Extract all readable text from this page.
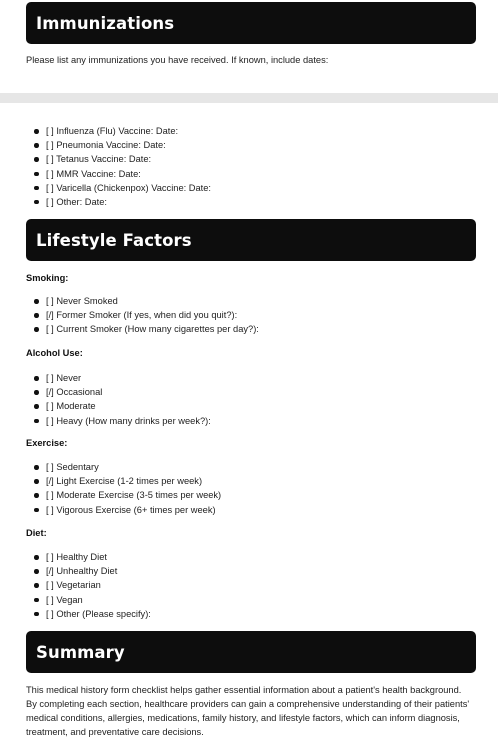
Immunizations

Please list any immunizations you have received. If known, include dates:

[ ] Influenza (Flu) Vaccine: Date:
[ ] Pneumonia Vaccine: Date:
[ ] Tetanus Vaccine: Date:
[ ] MMR Vaccine: Date:
[ ] Varicella (Chickenpox) Vaccine: Date:
[ ] Other: Date:
Lifestyle Factors
Smoking:
[ ] Never Smoked
[/] Former Smoker (If yes, when did you quit?):
[ ] Current Smoker (How many cigarettes per day?):
Alcohol Use:
[ ] Never
[/] Occasional
[ ] Moderate
[ ] Heavy (How many drinks per week?):
Exercise:
[ ] Sedentary
[/] Light Exercise (1-2 times per week)
[ ] Moderate Exercise (3-5 times per week)
[ ] Vigorous Exercise (6+ times per week)
Diet:
[ ] Healthy Diet
[/] Unhealthy Diet
[ ] Vegetarian
[ ] Vegan
[ ] Other (Please specify):
Summary

This medical history form checklist helps gather essential information about a patient's health background. By completing each section, healthcare providers can gain a comprehensive understanding of their patients' medical conditions, allergies, medications, family history, and lifestyle factors, which can inform diagnosis, treatment, and preventative care decisions.
